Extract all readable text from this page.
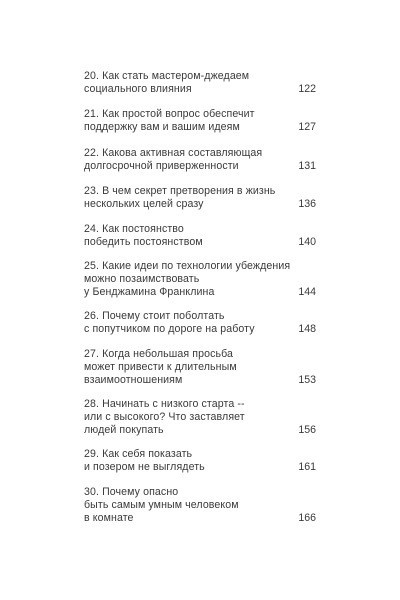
20. Как стать мастером-джедаем
социального влияния	122
21. Как простой вопрос обеспечит
поддержку вам и вашим идеям	127
22. Какова активная составляющая
долгосрочной приверженности	131
23. В чем секрет претворения в жизнь
нескольких целей сразу	136
24. Как постоянство
победить постоянством	140
25. Какие идеи по технологии убеждения
можно позаимствовать
у Бенджамина Франклина	144
26. Почему стоит поболтать
с попутчиком по дороге на работу	148
27. Когда небольшая просьба
может привести к длительным
взаимоотношениям	153
28. Начинать с низкого старта --
или с высокого? Что заставляет
людей покупать	156
29. Как себя показать
и позером не выглядеть	161
30. Почему опасно
быть самым умным человеком
в комнате	166
